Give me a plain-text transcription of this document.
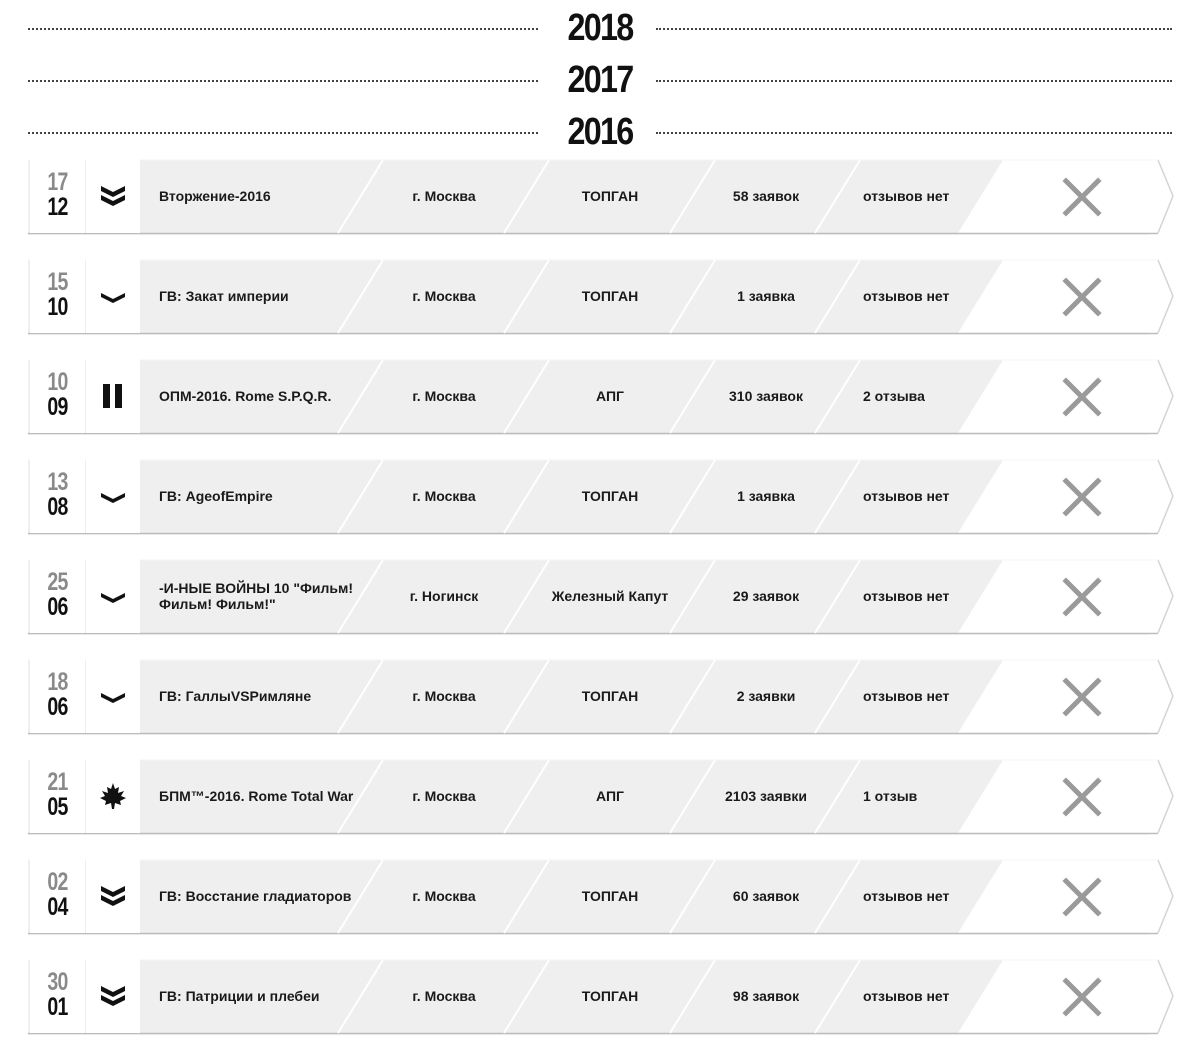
2018
2017
2016
17
12	Вторжение-2016	г. Москва	ТОПГАН	58 заявок	отзывов нет
15
10	ГВ: Закат империи	г. Москва	ТОПГАН	1 заявка	отзывов нет
10
09	ОПМ-2016. Rome S.P.Q.R.	г. Москва	АПГ	310 заявок	2 отзыва
13
08	ГВ: AgeofEmpire	г. Москва	ТОПГАН	1 заявка	отзывов нет
25
06
-И-НЫЕ ВОЙНЫ 10 "Фильм! Фильм! Фильм!"	г. Ногинск	Железный Капут	29 заявок	отзывов нет
18
06	ГВ: ГаллыVSРимляне	г. Москва	ТОПГАН	2 заявки	отзывов нет
21
05	БПМ™-2016. Rome Total War	г. Москва	АПГ	2103 заявки	1 отзыв
02
04	ГВ: Восстание гладиаторов	г. Москва	ТОПГАН	60 заявок	отзывов нет
30
01	ГВ: Патриции и плебеи	г. Москва	ТОПГАН	98 заявок	отзывов нет
